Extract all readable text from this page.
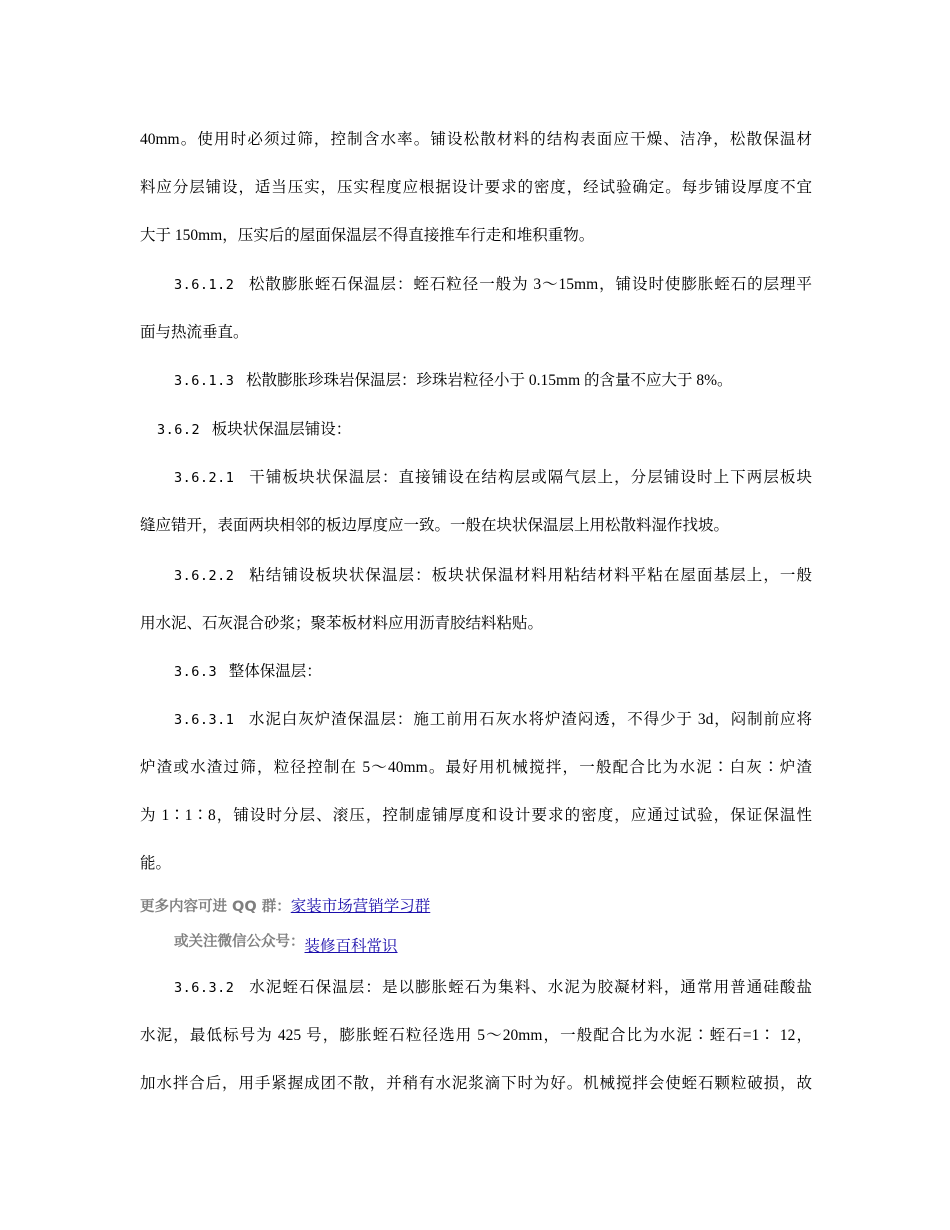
40mm。使用时必须过筛，控制含水率。铺设松散材料的结构表面应干燥、洁净，松散保温材
料应分层铺设，适当压实，压实程度应根据设计要求的密度，经试验确定。每步铺设厚度不宜
大于 150mm，压实后的屋面保温层不得直接推车行走和堆积重物。
3.6.1.2 松散膨胀蛭石保温层：蛭石粒径一般为 3～15mm，铺设时使膨胀蛭石的层理平
面与热流垂直。
3.6.1.3 松散膨胀珍珠岩保温层：珍珠岩粒径小于 0.15mm 的含量不应大于 8%。
3.6.2 板块状保温层铺设：
3.6.2.1 干铺板块状保温层：直接铺设在结构层或隔气层上，分层铺设时上下两层板块
缝应错开，表面两块相邻的板边厚度应一致。一般在块状保温层上用松散料湿作找坡。
3.6.2.2 粘结铺设板块状保温层：板块状保温材料用粘结材料平粘在屋面基层上，一般
用水泥、石灰混合砂浆；聚苯板材料应用沥青胶结料粘贴。
3.6.3 整体保温层：
3.6.3.1 水泥白灰炉渣保温层：施工前用石灰水将炉渣闷透，不得少于 3d，闷制前应将
炉渣或水渣过筛，粒径控制在 5～40mm。最好用机械搅拌，一般配合比为水泥∶白灰∶炉渣
为 1∶1∶8，铺设时分层、滚压，控制虚铺厚度和设计要求的密度，应通过试验，保证保温性
能。
更多内容可进 QQ 群：家装市场营销学习群
或关注微信公众号：装修百科常识
3.6.3.2 水泥蛭石保温层：是以膨胀蛭石为集料、水泥为胶凝材料，通常用普通硅酸盐
水泥，最低标号为 425 号，膨胀蛭石粒径选用 5～20mm，一般配合比为水泥∶蛭石=1∶ 12，
加水拌合后，用手紧握成团不散，并稍有水泥浆滴下时为好。机械搅拌会使蛭石颗粒破损，故
